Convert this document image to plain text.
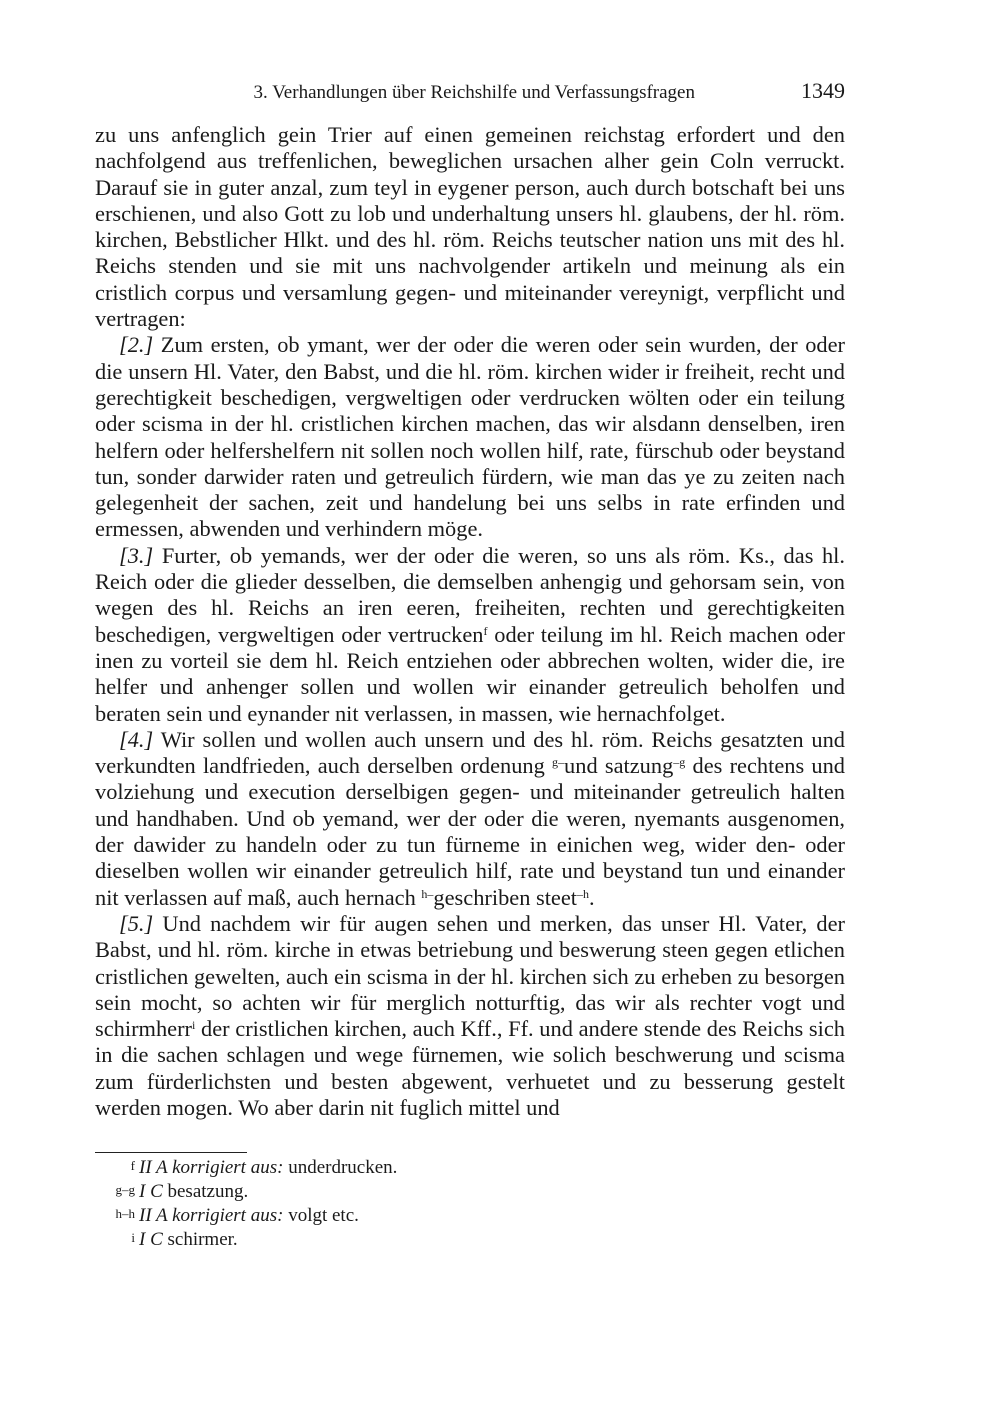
3. Verhandlungen über Reichshilfe und Verfassungsfragen	1349

zu uns anfenglich gein Trier auf einen gemeinen reichstag erfordert und den nachfolgend aus treffenlichen, beweglichen ursachen alher gein Coln verruckt. Darauf sie in guter anzal, zum teyl in eygener person, auch durch botschaft bei uns erschienen, und also Gott zu lob und underhaltung unsers hl. glaubens, der hl. röm. kirchen, Bebstlicher Hlkt. und des hl. röm. Reichs teutscher nation uns mit des hl. Reichs stenden und sie mit uns nachvolgender artikeln und meinung als ein cristlich corpus und versamlung gegen- und miteinander vereynigt, verpflicht und vertragen:

[2.] Zum ersten, ob ymant, wer der oder die weren oder sein wurden, der oder die unsern Hl. Vater, den Babst, und die hl. röm. kirchen wider ir freiheit, recht und gerechtigkeit beschedigen, vergweltigen oder verdrucken wölten oder ein teilung oder scisma in der hl. cristlichen kirchen machen, das wir alsdann denselben, iren helfern oder helfershelfern nit sollen noch wollen hilf, rate, fürschub oder beystand tun, sonder darwider raten und getreulich fürdern, wie man das ye zu zeiten nach gelegenheit der sachen, zeit und handelung bei uns selbs in rate erfinden und ermessen, abwenden und verhindern möge.

[3.] Furter, ob yemands, wer der oder die weren, so uns als röm. Ks., das hl. Reich oder die glieder desselben, die demselben anhengig und gehorsam sein, von wegen des hl. Reichs an iren eeren, freiheiten, rechten und gerechtigkeiten beschedigen, vergweltigen oder vertrucken$^f$ oder teilung im hl. Reich machen oder inen zu vorteil sie dem hl. Reich entziehen oder abbrechen wolten, wider die, ire helfer und anhenger sollen und wollen wir einander getreulich beholfen und beraten sein und eynander nit verlassen, in massen, wie hernachfolget.

[4.] Wir sollen und wollen auch unsern und des hl. röm. Reichs gesatzten und verkundten landfrieden, auch derselben ordenung $^{g-}$und satzung$^{-g}$ des rechtens und volziehung und execution derselbigen gegen- und miteinander getreulich halten und handhaben. Und ob yemand, wer der oder die weren, nyemants ausgenomen, der dawider zu handeln oder zu tun fürneme in einichen weg, wider den- oder dieselben wollen wir einander getreulich hilf, rate und beystand tun und einander nit verlassen auf maß, auch hernach $^{h-}$geschriben steet$^{-h}$.

[5.] Und nachdem wir für augen sehen und merken, das unser Hl. Vater, der Babst, und hl. röm. kirche in etwas betriebung und beswerung steen gegen etlichen cristlichen gewelten, auch ein scisma in der hl. kirchen sich zu erheben zu besorgen sein mocht, so achten wir für merglich notturftig, das wir als rechter vogt und schirmherr$^i$ der cristlichen kirchen, auch Kff., Ff. und andere stende des Reichs sich in die sachen schlagen und wege fürnemen, wie solich beschwerung und scisma zum fürderlichsten und besten abgewent, verhuetet und zu besserung gestelt werden mogen. Wo aber darin nit fuglich mittel und

f II A korrigiert aus: underdrucken.
g–g I C besatzung.
h–h II A korrigiert aus: volgt etc.
i I C schirmer.
